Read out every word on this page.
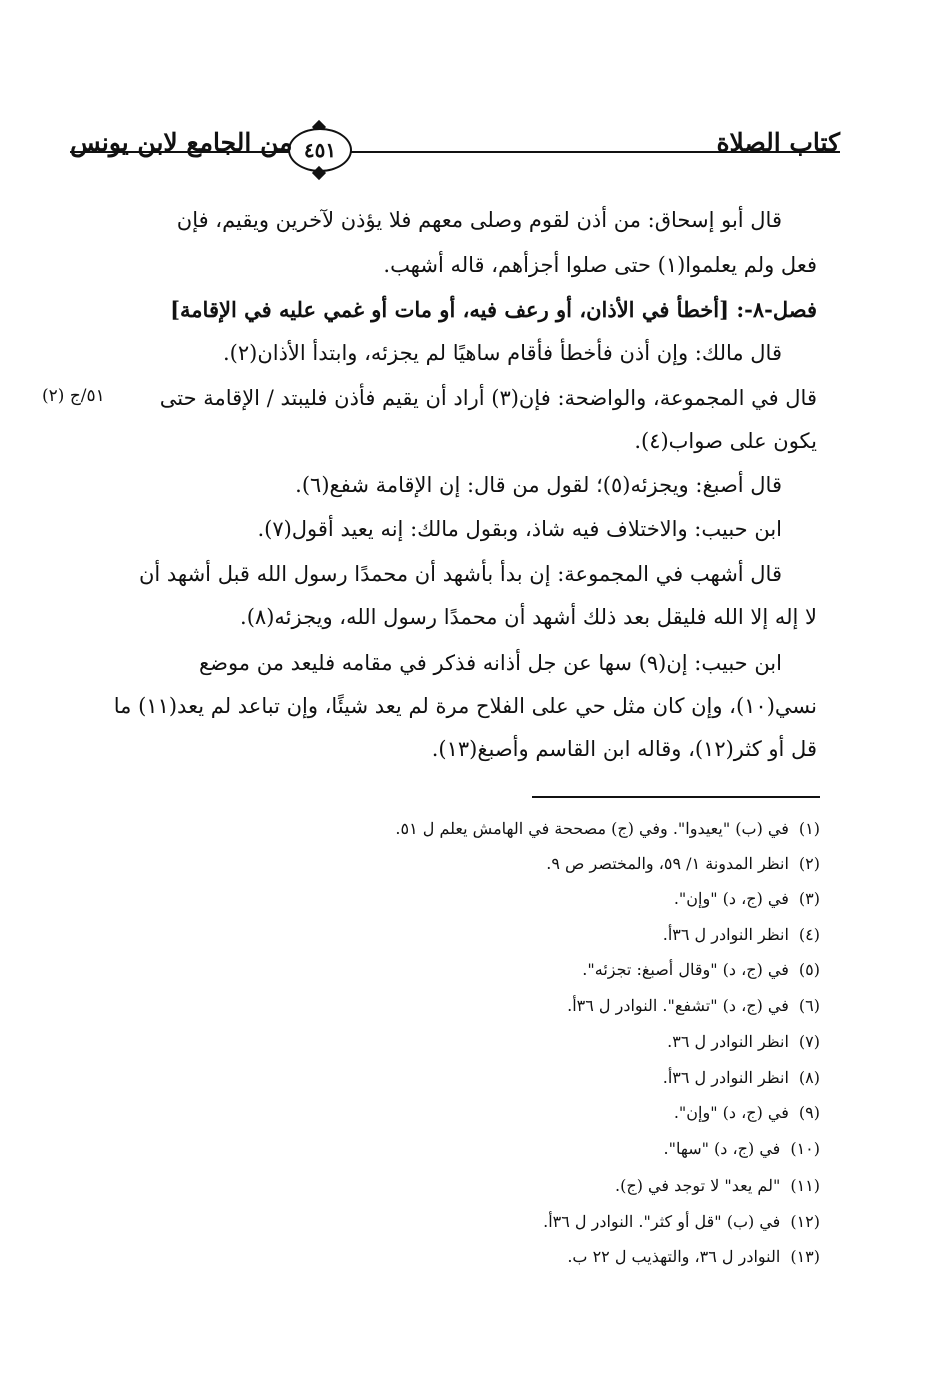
كتاب الصلاة
٤٥١
من الجامع لابن يونس
٥١/ج (٢)
قال أبو إسحاق: من أذن لقوم وصلى معهم فلا يؤذن لآخرين ويقيم، فإن
فعل ولم يعلموا(١) حتى صلوا أجزأهم، قاله أشهب.
فصل-٨-: [أخطأ في الأذان، أو رعف فيه، أو مات أو غمي عليه في الإقامة]
قال مالك: وإن أذن فأخطأ فأقام ساهيًا لم يجزئه، وابتدأ الأذان(٢).
قال في المجموعة، والواضحة: فإن(٣) أراد أن يقيم فأذن فليبتد / الإقامة حتى
يكون على صواب(٤).
قال أصبغ: ويجزئه(٥)؛ لقول من قال: إن الإقامة شفع(٦).
ابن حبيب: والاختلاف فيه شاذ، وبقول مالك: إنه يعيد أقول(٧).
قال أشهب في المجموعة: إن بدأ بأشهد أن محمدًا رسول الله قبل أشهد أن
لا إله إلا الله فليقل بعد ذلك أشهد أن محمدًا رسول الله، ويجزئه(٨).
ابن حبيب: إن(٩) سها عن جل أذانه فذكر في مقامه فليعد من موضع
نسي(١٠)، وإن كان مثل حي على الفلاح مرة لم يعد شيئًا، وإن تباعد لم يعد(١١) ما
قل أو كثر(١٢)، وقاله ابن القاسم وأصبغ(١٣).
(١)في (ب) "يعيدوا". وفي (ج) مصححة في الهامش يعلم ل ٥١.
(٢)انظر المدونة ١/ ٥٩، والمختصر ص ٩.
(٣)في (ج، د) "وإن".
(٤)انظر النوادر ل ٣٦أ.
(٥)في (ج، د) "وقال أصبغ: تجزئه".
(٦)في (ج، د) "تشفع". النوادر ل ٣٦أ.
(٧)انظر النوادر ل ٣٦.
(٨)انظر النوادر ل ٣٦أ.
(٩)في (ج، د) "وإن".
(١٠)في (ج، د) "سها".
(١١)"لم يعد" لا توجد في (ج).
(١٢)في (ب) "قل أو كثر". النوادر ل ٣٦أ.
(١٣)النوادر ل ٣٦، والتهذيب ل ٢٢ ب.
